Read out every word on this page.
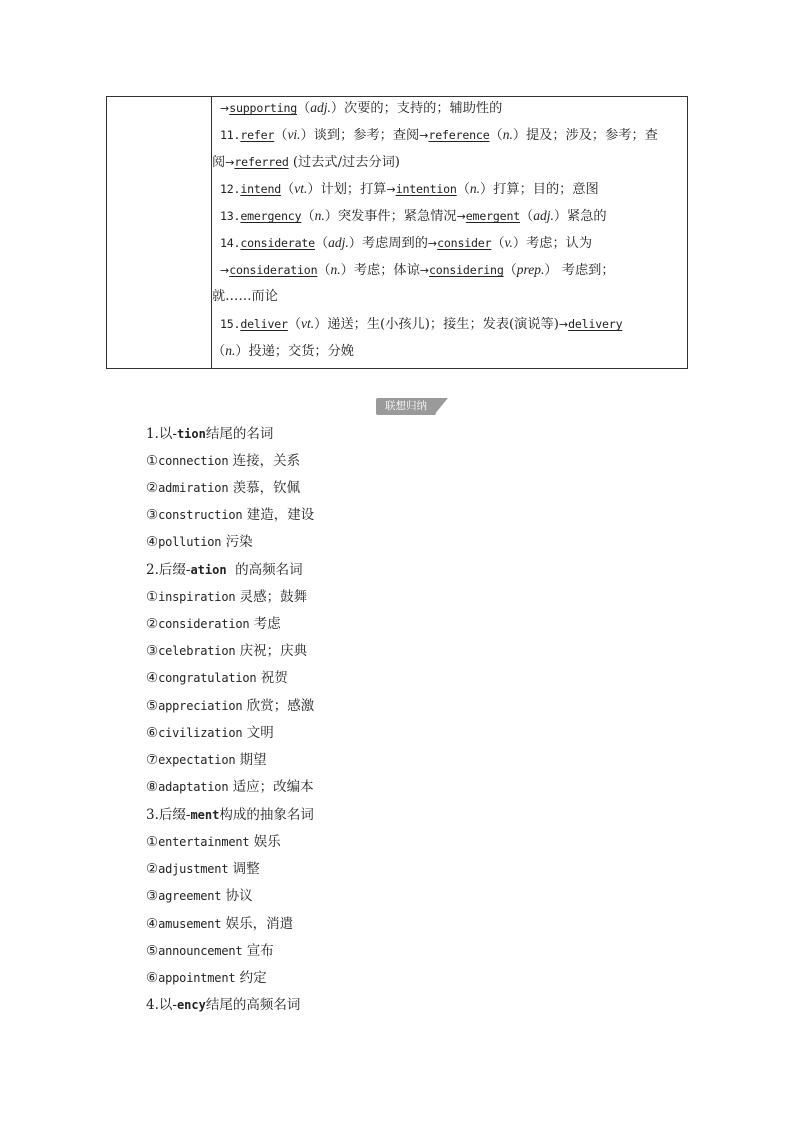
→supporting（adj.）次要的；支持的；辅助性的
11.refer（vi.）谈到；参考；查阅→reference（n.）提及；涉及；参考；查
阅→referred (过去式/过去分词)
12.intend（vt.）计划；打算→intention（n.）打算；目的；意图
13.emergency（n.）突发事件；紧急情况→emergent（adj.）紧急的
14.considerate（adj.）考虑周到的→consider（v.）考虑；认为
→consideration（n.）考虑；体谅→considering（prep.） 考虑到；
就……而论
15.deliver（vt.）递送；生(小孩儿)；接生；发表(演说等)→delivery
（n.）投递；交货；分娩
联想归纳
1.以-tion结尾的名词
①connection 连接，关系
②admiration 羡慕，钦佩
③construction 建造，建设
④pollution 污染
2.后缀-ation  的高频名词
①inspiration 灵感；鼓舞
②consideration 考虑
③celebration 庆祝；庆典
④congratulation 祝贺
⑤appreciation 欣赏；感激
⑥civilization 文明
⑦expectation 期望
⑧adaptation 适应；改编本
3.后缀-ment构成的抽象名词
①entertainment 娱乐
②adjustment 调整
③agreement 协议
④amusement 娱乐，消遣
⑤announcement 宣布
⑥appointment 约定
4.以-ency结尾的高频名词
